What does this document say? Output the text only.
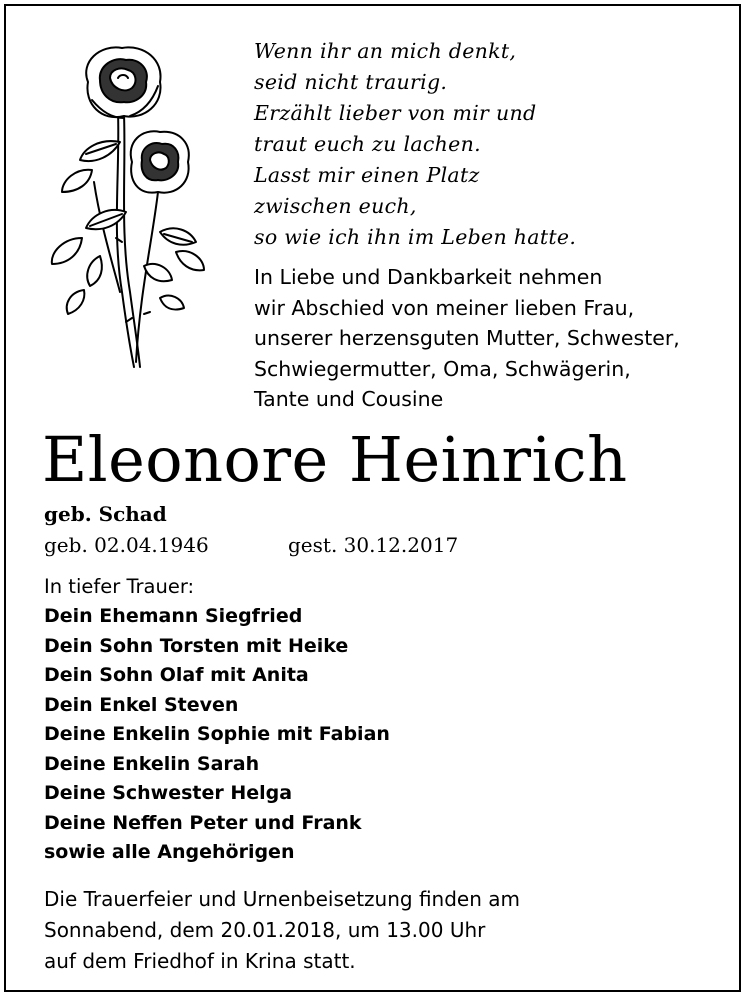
Wenn ihr an mich denkt,
seid nicht traurig.
Erzählt lieber von mir und
traut euch zu lachen.
Lasst mir einen Platz
zwischen euch,
so wie ich ihn im Leben hatte.
In Liebe und Dankbarkeit nehmen
wir Abschied von meiner lieben Frau,
unserer herzensguten Mutter, Schwester,
Schwiegermutter, Oma, Schwägerin,
Tante und Cousine
Eleonore Heinrich
geb. Schad
geb. 02.04.1946	gest. 30.12.2017
In tiefer Trauer:
Dein Ehemann Siegfried
Dein Sohn Torsten mit Heike
Dein Sohn Olaf mit Anita
Dein Enkel Steven
Deine Enkelin Sophie mit Fabian
Deine Enkelin Sarah
Deine Schwester Helga
Deine Neffen Peter und Frank
sowie alle Angehörigen
Die Trauerfeier und Urnenbeisetzung finden am
Sonnabend, dem 20.01.2018, um 13.00 Uhr
auf dem Friedhof in Krina statt.
